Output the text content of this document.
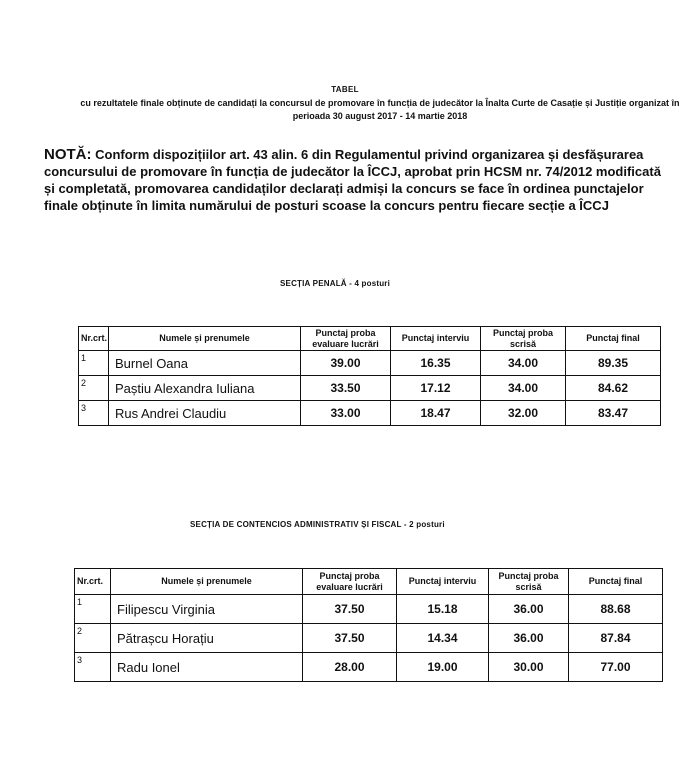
TABEL
cu rezultatele finale obținute de candidați la concursul de promovare în funcția de judecător la Înalta Curte de Casație și Justiție organizat în perioada 30 august 2017 - 14 martie 2018
NOTĂ: Conform dispozițiilor art. 43 alin. 6 din Regulamentul privind organizarea și desfășurarea concursului de promovare în funcția de judecător la ÎCCJ, aprobat prin HCSM nr. 74/2012 modificată și completată, promovarea candidaților declarați admiși la concurs se face în ordinea punctajelor finale obținute în limita numărului de posturi scoase la concurs pentru fiecare secție a ÎCCJ
SECȚIA PENALĂ - 4 posturi
Nr.crt.	Numele și prenumele	Punctaj proba evaluare lucrări	Punctaj interviu	Punctaj proba scrisă	Punctaj final
1	Burnel Oana	39.00	16.35	34.00	89.35
2	Paștiu Alexandra Iuliana	33.50	17.12	34.00	84.62
3	Rus Andrei Claudiu	33.00	18.47	32.00	83.47
SECȚIA DE CONTENCIOS ADMINISTRATIV ȘI FISCAL - 2 posturi
Nr.crt.	Numele și prenumele	Punctaj proba evaluare lucrări	Punctaj interviu	Punctaj proba scrisă	Punctaj final
1	Filipescu Virginia	37.50	15.18	36.00	88.68
2	Pătrașcu Horațiu	37.50	14.34	36.00	87.84
3	Radu Ionel	28.00	19.00	30.00	77.00
